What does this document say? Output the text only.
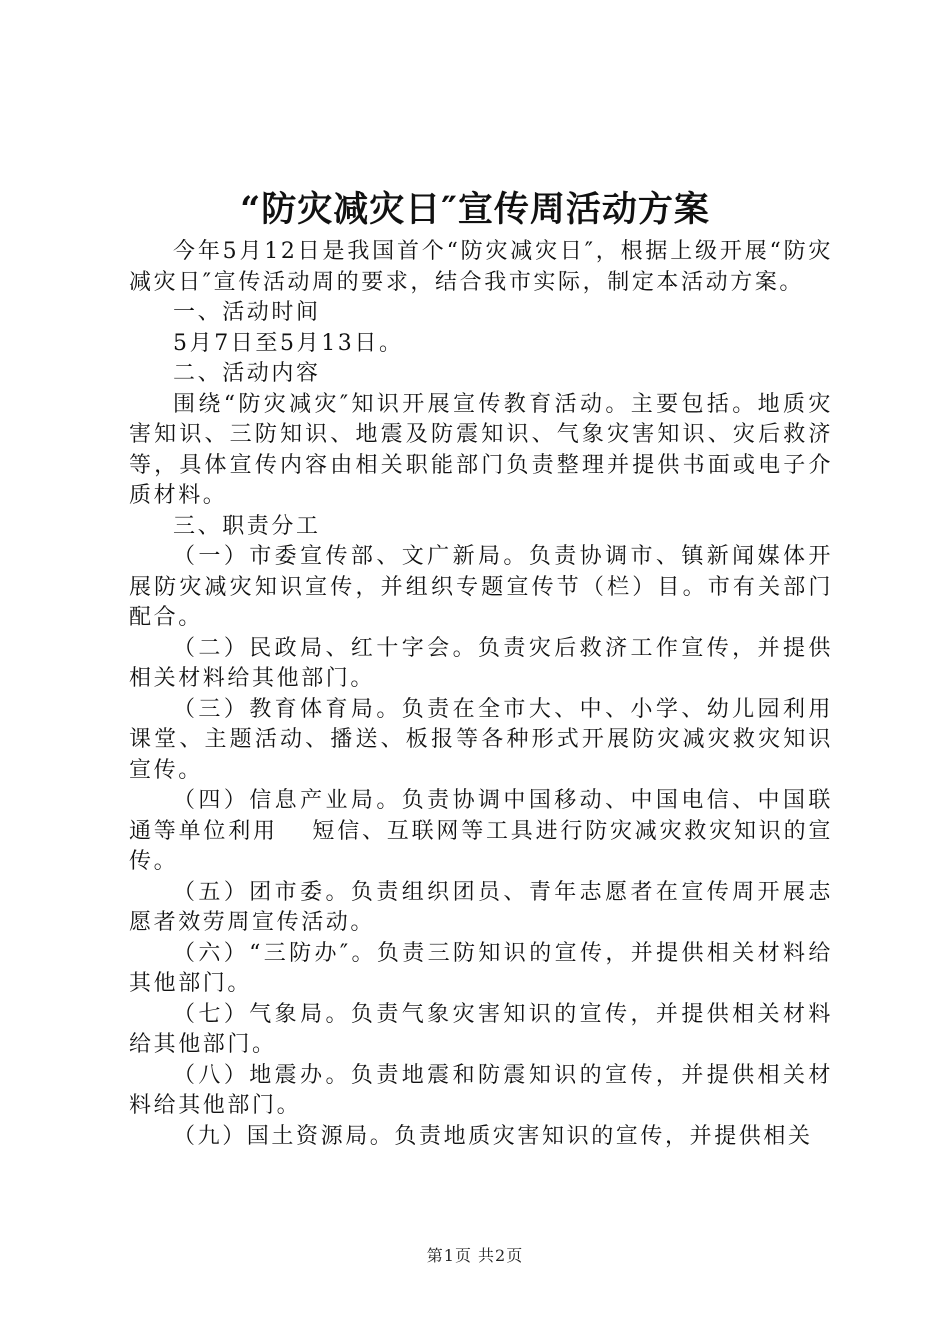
“防灾减灾日″宣传周活动方案

今年5月12日是我国首个“防灾减灾日″，根据上级开展“防灾减灾日″宣传活动周的要求，结合我市实际，制定本活动方案。

一、活动时间

5月7日至5月13日。

二、活动内容

围绕“防灾减灾″知识开展宣传教育活动。主要包括。地质灾害知识、三防知识、地震及防震知识、气象灾害知识、灾后救济等，具体宣传内容由相关职能部门负责整理并提供书面或电子介质材料。

三、职责分工

（一）市委宣传部、文广新局。负责协调市、镇新闻媒体开展防灾减灾知识宣传，并组织专题宣传节（栏）目。市有关部门配合。

（二）民政局、红十字会。负责灾后救济工作宣传，并提供相关材料给其他部门。

（三）教育体育局。负责在全市大、中、小学、幼儿园利用课堂、主题活动、播送、板报等各种形式开展防灾减灾救灾知识宣传。

（四）信息产业局。负责协调中国移动、中国电信、中国联通等单位利用　 短信、互联网等工具进行防灾减灾救灾知识的宣传。

（五）团市委。负责组织团员、青年志愿者在宣传周开展志愿者效劳周宣传活动。

（六）“三防办″。负责三防知识的宣传，并提供相关材料给其他部门。

（七）气象局。负责气象灾害知识的宣传，并提供相关材料给其他部门。

（八）地震办。负责地震和防震知识的宣传，并提供相关材料给其他部门。

（九）国土资源局。负责地质灾害知识的宣传，并提供相关

第1页 共2页
